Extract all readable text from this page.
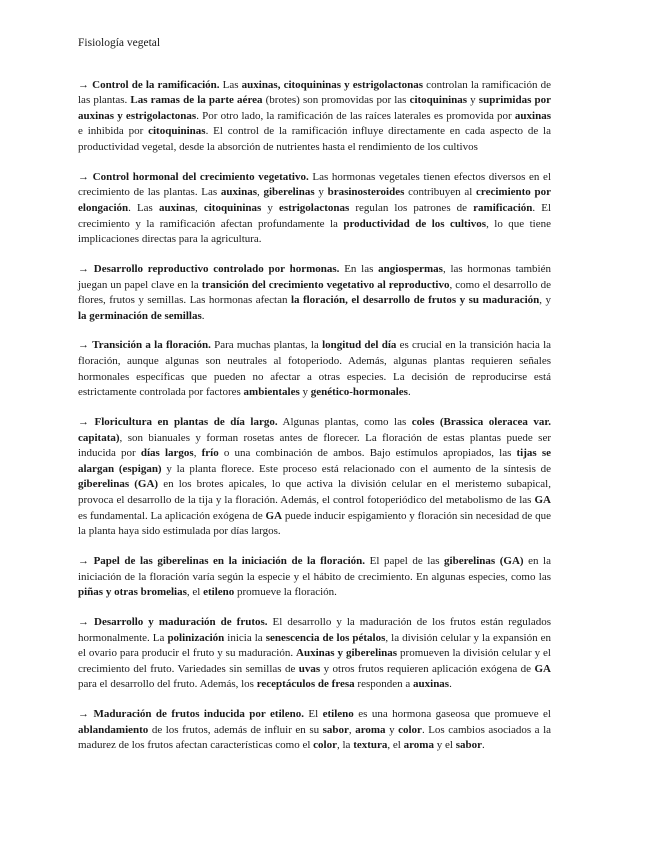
Fisiología vegetal

→ Control de la ramificación. Las auxinas, citoquininas y estrigolactonas controlan la ramificación de las plantas. Las ramas de la parte aérea (brotes) son promovidas por las citoquininas y suprimidas por auxinas y estrigolactonas. Por otro lado, la ramificación de las raíces laterales es promovida por auxinas e inhibida por citoquininas. El control de la ramificación influye directamente en cada aspecto de la productividad vegetal, desde la absorción de nutrientes hasta el rendimiento de los cultivos

→ Control hormonal del crecimiento vegetativo. Las hormonas vegetales tienen efectos diversos en el crecimiento de las plantas. Las auxinas, giberelinas y brasinosteroides contribuyen al crecimiento por elongación. Las auxinas, citoquininas y estrigolactonas regulan los patrones de ramificación. El crecimiento y la ramificación afectan profundamente la productividad de los cultivos, lo que tiene implicaciones directas para la agricultura.

→ Desarrollo reproductivo controlado por hormonas. En las angiospermas, las hormonas también juegan un papel clave en la transición del crecimiento vegetativo al reproductivo, como el desarrollo de flores, frutos y semillas. Las hormonas afectan la floración, el desarrollo de frutos y su maduración, y la germinación de semillas.

→ Transición a la floración. Para muchas plantas, la longitud del día es crucial en la transición hacia la floración, aunque algunas son neutrales al fotoperiodo. Además, algunas plantas requieren señales hormonales específicas que pueden no afectar a otras especies. La decisión de reproducirse está estrictamente controlada por factores ambientales y genético-hormonales.

→ Floricultura en plantas de día largo. Algunas plantas, como las coles (Brassica oleracea var. capitata), son bianuales y forman rosetas antes de florecer. La floración de estas plantas puede ser inducida por días largos, frío o una combinación de ambos. Bajo estímulos apropiados, las tijas se alargan (espigan) y la planta florece. Este proceso está relacionado con el aumento de la síntesis de giberelinas (GA) en los brotes apicales, lo que activa la división celular en el meristemo subapical, provoca el desarrollo de la tija y la floración. Además, el control fotoperiódico del metabolismo de las GA es fundamental. La aplicación exógena de GA puede inducir espigamiento y floración sin necesidad de que la planta haya sido estimulada por días largos.

→ Papel de las giberelinas en la iniciación de la floración. El papel de las giberelinas (GA) en la iniciación de la floración varía según la especie y el hábito de crecimiento. En algunas especies, como las piñas y otras bromelias, el etileno promueve la floración.

→ Desarrollo y maduración de frutos. El desarrollo y la maduración de los frutos están regulados hormonalmente. La polinización inicia la senescencia de los pétalos, la división celular y la expansión en el ovario para producir el fruto y su maduración. Auxinas y giberelinas promueven la división celular y el crecimiento del fruto. Variedades sin semillas de uvas y otros frutos requieren aplicación exógena de GA para el desarrollo del fruto. Además, los receptáculos de fresa responden a auxinas.

→ Maduración de frutos inducida por etileno. El etileno es una hormona gaseosa que promueve el ablandamiento de los frutos, además de influir en su sabor, aroma y color. Los cambios asociados a la madurez de los frutos afectan características como el color, la textura, el aroma y el sabor.
